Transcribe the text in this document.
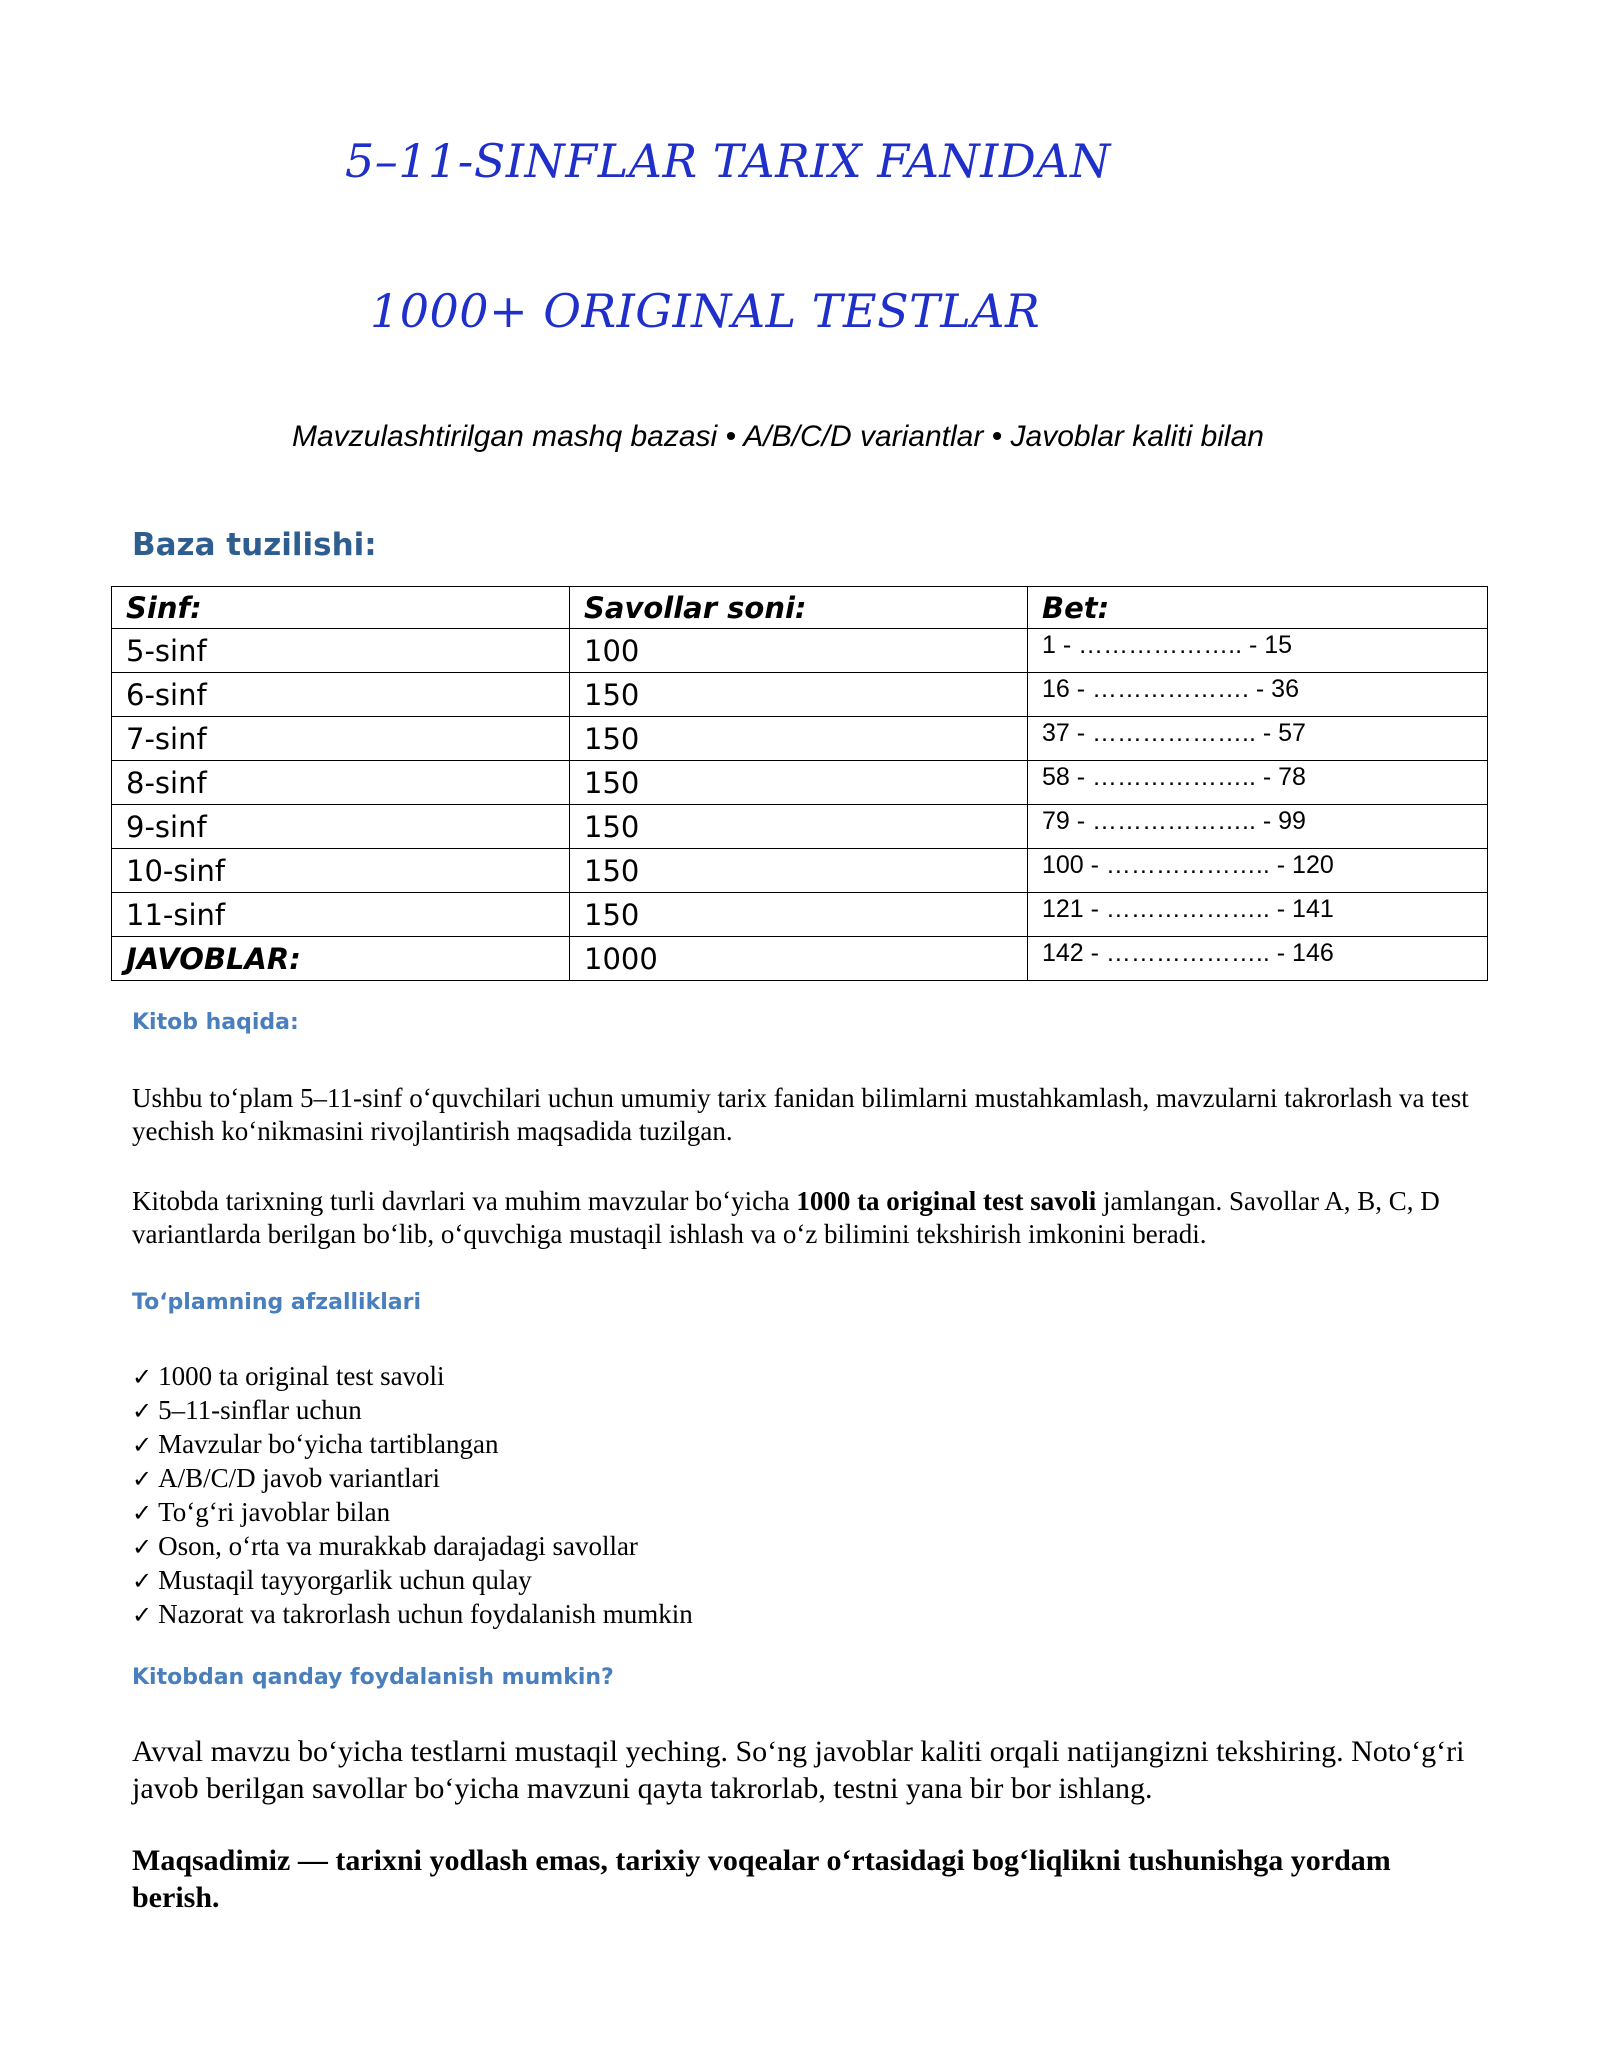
5–11-SINFLAR TARIX FANIDAN
1000+ ORIGINAL TESTLAR

Mavzulashtirilgan mashq bazasi • A/B/C/D variantlar • Javoblar kaliti bilan

Baza tuzilishi:
Sinf:	Savollar soni:	Bet:
5-sinf	100	1 - ……………….. - 15
6-sinf	150	16 - ………………. - 36
7-sinf	150	37 - ……………….. - 57
8-sinf	150	58 - ……………….. - 78
9-sinf	150	79 - ……………….. - 99
10-sinf	150	100 - ……………….. - 120
11-sinf	150	121 - ……………….. - 141
JAVOBLAR:	1000	142 - ……………….. - 146
Kitob haqida:

Ushbu to‘plam 5–11-sinf o‘quvchilari uchun umumiy tarix fanidan bilimlarni mustahkamlash, mavzularni takrorlash va test yechish ko‘nikmasini rivojlantirish maqsadida tuzilgan.

Kitobda tarixning turli davrlari va muhim mavzular bo‘yicha 1000 ta original test savoli jamlangan. Savollar A, B, C, D variantlarda berilgan bo‘lib, o‘quvchiga mustaqil ishlash va o‘z bilimini tekshirish imkonini beradi.

To‘plamning afzalliklari
✓ 1000 ta original test savoli
✓ 5–11-sinflar uchun
✓ Mavzular bo‘yicha tartiblangan
✓ A/B/C/D javob variantlari
✓ To‘g‘ri javoblar bilan
✓ Oson, o‘rta va murakkab darajadagi savollar
✓ Mustaqil tayyorgarlik uchun qulay
✓ Nazorat va takrorlash uchun foydalanish mumkin
Kitobdan qanday foydalanish mumkin?

Avval mavzu bo‘yicha testlarni mustaqil yeching. So‘ng javoblar kaliti orqali natijangizni tekshiring. Noto‘g‘ri javob berilgan savollar bo‘yicha mavzuni qayta takrorlab, testni yana bir bor ishlang.

Maqsadimiz — tarixni yodlash emas, tarixiy voqealar o‘rtasidagi bog‘liqlikni tushunishga yordam berish.
